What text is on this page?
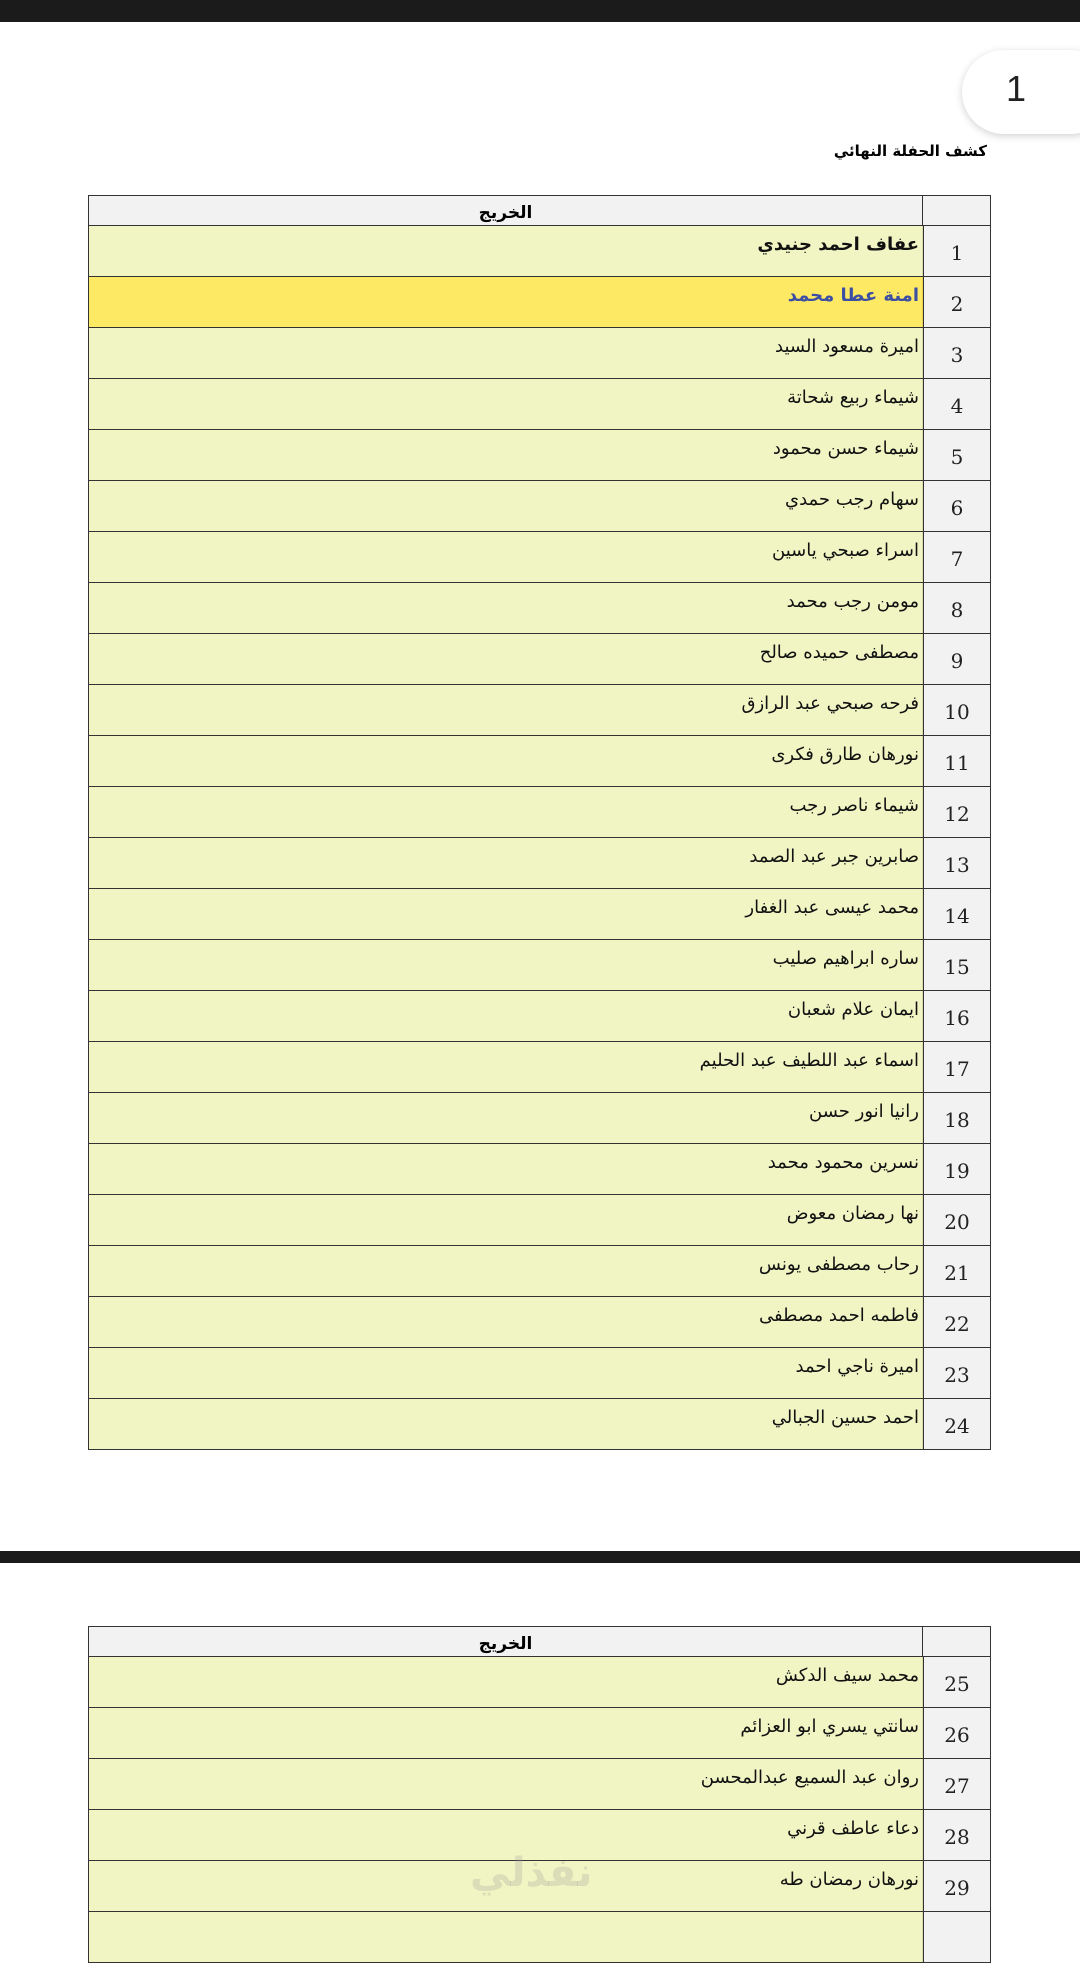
1
كشف الحفلة النهائي
الخريج
عفاف احمد جنيدي	1
امنة عطا محمد	2
اميرة مسعود السيد	3
شيماء ربيع شحاتة	4
شيماء حسن محمود	5
سهام رجب حمدي	6
اسراء صبحي ياسين	7
مومن رجب محمد	8
مصطفى حميده صالح	9
فرحه صبحي عبد الرازق	10
نورهان طارق فكرى	11
شيماء ناصر رجب	12
صابرين جبر عبد الصمد	13
محمد عيسى عبد الغفار	14
ساره ابراهيم صليب	15
ايمان علام شعبان	16
اسماء عبد اللطيف عبد الحليم	17
رانيا انور حسن	18
نسرين محمود محمد	19
نها رمضان معوض	20
رحاب مصطفى يونس	21
فاطمه احمد مصطفى	22
اميرة ناجي احمد	23
احمد حسين الجبالي	24
الخريج
محمد سيف الدكش	25
سانتي يسري ابو العزائم	26
روان عبد السميع عبدالمحسن	27
دعاء عاطف قرني	28
نورهان رمضان طه	29
نفذلي
